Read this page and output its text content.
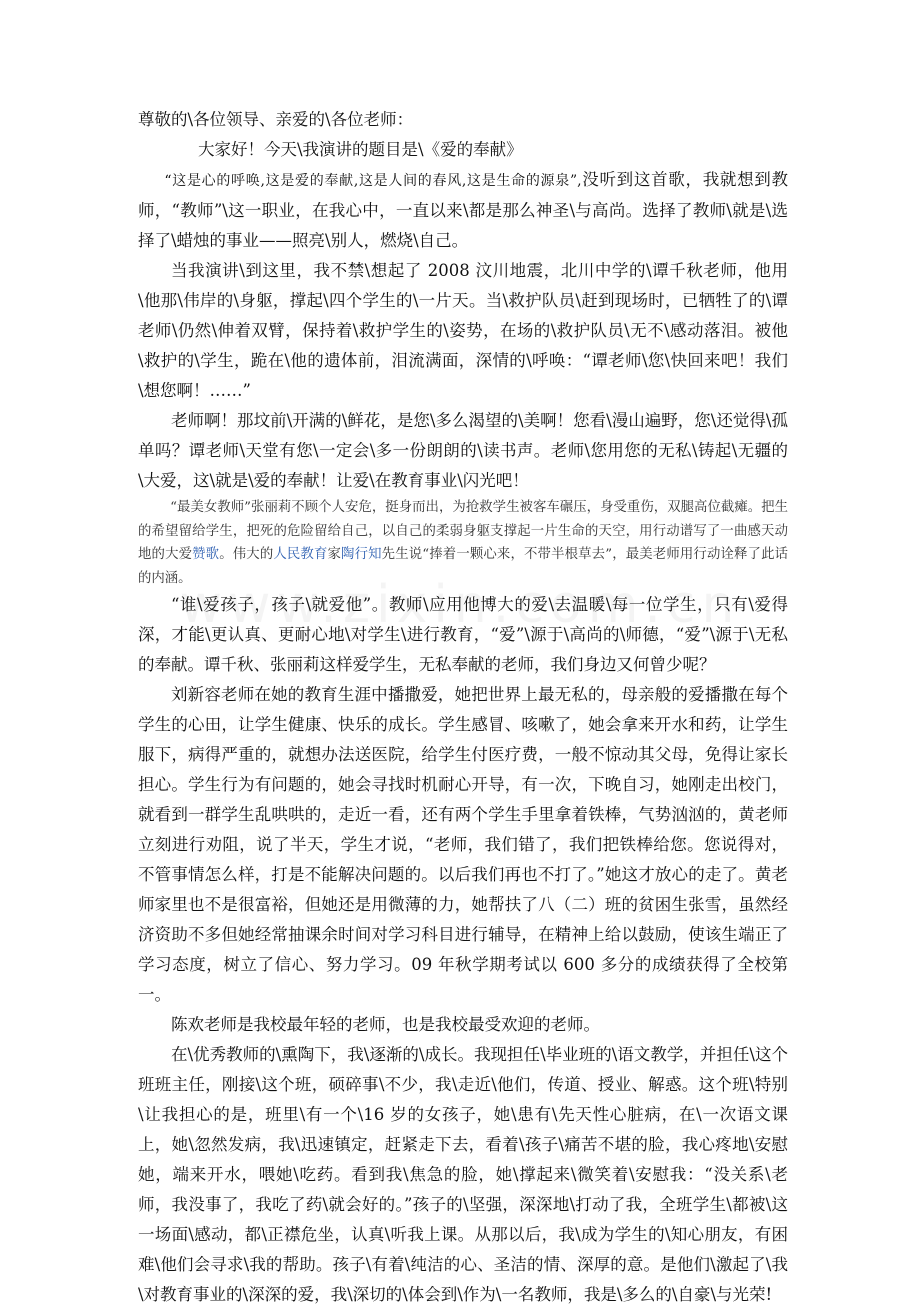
尊敬的\各位领导、亲爱的\各位老师：

大家好！今天\我演讲的题目是\《爱的奉献》

“这是心的呼唤,这是爱的奉献,这是人间的春风,这是生命的源泉”,没听到这首歌，我就想到教师，“教师”\这一职业，在我心中，一直以来\都是那么神圣\与高尚。选择了教师\就是\选择了\蜡烛的事业——照亮\别人，燃烧\自己。

当我演讲\到这里，我不禁\想起了 2008 汶川地震，北川中学的\谭千秋老师，他用\他那\伟岸的\身躯，撑起\四个学生的\一片天。当\救护队员\赶到现场时，已牺牲了的\谭老师\仍然\伸着双臂，保持着\救护学生的\姿势，在场的\救护队员\无不\感动落泪。被他\救护的\学生，跪在\他的遗体前，泪流满面，深情的\呼唤：“谭老师\您\快回来吧！我们\想您啊！……”

老师啊！那坟前\开满的\鲜花，是您\多么渴望的\美啊！您看\漫山遍野，您\还觉得\孤单吗？谭老师\天堂有您\一定会\多一份朗朗的\读书声。老师\您用您的无私\铸起\无疆的\大爱，这\就是\爱的奉献！让爱\在教育事业\闪光吧！

“最美女教师”张丽莉不顾个人安危，挺身而出，为抢救学生被客车碾压，身受重伤，双腿高位截瘫。把生的希望留给学生，把死的危险留给自己，以自己的柔弱身躯支撑起一片生命的天空，用行动谱写了一曲感天动地的大爱赞歌。伟大的人民教育家陶行知先生说“捧着一颗心来，不带半根草去”，最美老师用行动诠释了此话的内涵。

“谁\爱孩子，孩子\就爱他”。教师\应用他博大的爱\去温暖\每一位学生，只有\爱得深，才能\更认真、更耐心地\对学生\进行教育，“爱”\源于\高尚的\师德，“爱”\源于\无私的奉献。谭千秋、张丽莉这样爱学生，无私奉献的老师，我们身边又何曾少呢？

刘新容老师在她的教育生涯中播撒爱，她把世界上最无私的，母亲般的爱播撒在每个学生的心田，让学生健康、快乐的成长。学生感冒、咳嗽了，她会拿来开水和药，让学生服下，病得严重的，就想办法送医院，给学生付医疗费，一般不惊动其父母，免得让家长担心。学生行为有问题的，她会寻找时机耐心开导，有一次，下晚自习，她刚走出校门，就看到一群学生乱哄哄的，走近一看，还有两个学生手里拿着铁棒，气势汹汹的，黄老师立刻进行劝阻，说了半天，学生才说，“老师，我们错了，我们把铁棒给您。您说得对，不管事情怎么样，打是不能解决问题的。以后我们再也不打了。”她这才放心的走了。黄老师家里也不是很富裕，但她还是用微薄的力，她帮扶了八（二）班的贫困生张雪，虽然经济资助不多但她经常抽课余时间对学习科目进行辅导，在精神上给以鼓励，使该生端正了学习态度，树立了信心、努力学习。09 年秋学期考试以 600 多分的成绩获得了全校第一。

陈欢老师是我校最年轻的老师，也是我校最受欢迎的老师。

在\优秀教师的\熏陶下，我\逐渐的\成长。我现担任\毕业班的\语文教学，并担任\这个班班主任，刚接\这个班，硕碎事\不少，我\走近\他们，传道、授业、解惑。这个班\特别\让我担心的是，班里\有一个\16 岁的女孩子，她\患有\先天性心脏病，在\一次语文课上，她\忽然发病，我\迅速镇定，赶紧走下去，看着\孩子\痛苦不堪的脸，我心疼地\安慰她，端来开水，喂她\吃药。看到我\焦急的脸，她\撑起来\微笑着\安慰我：“没关系\老师，我没事了，我吃了药\就会好的。”孩子的\坚强，深深地\打动了我，全班学生\都被\这一场面\感动，都\正襟危坐，认真\听我上课。从那以后，我\成为学生的\知心朋友，有困难\他们会寻求\我的帮助。孩子\有着\纯洁的心、圣洁的情、深厚的意。是他们\激起了\我\对教育事业的\深深的爱，我\深切的\体会到\作为\一名教师，我是\多么的\自豪\与光荣!
